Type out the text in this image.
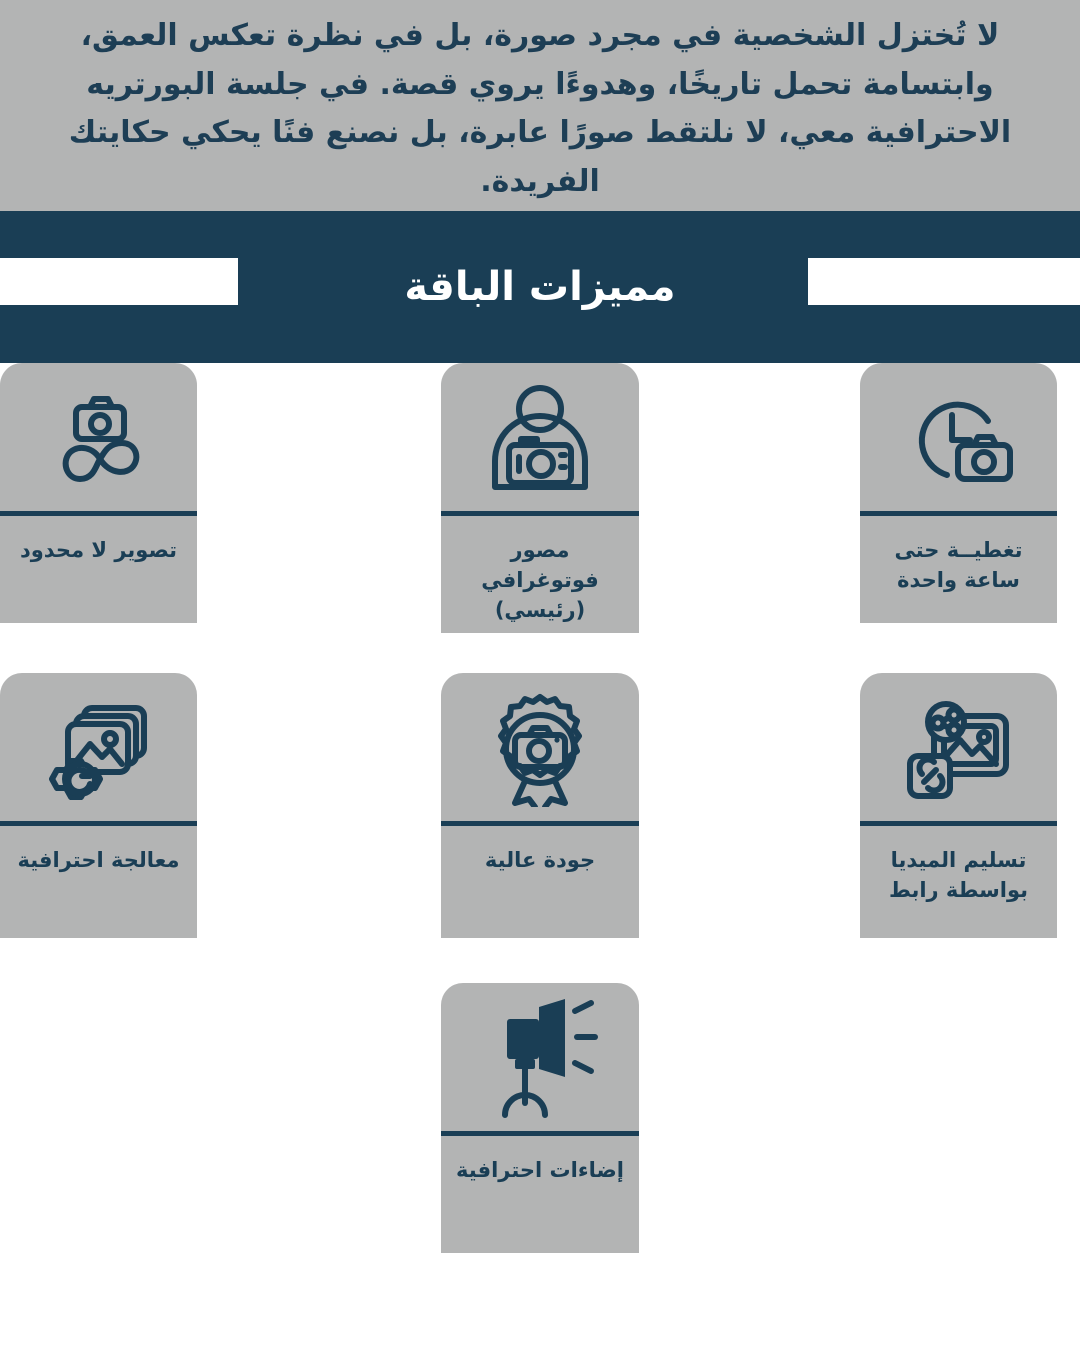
لا تُختزل الشخصية في مجرد صورة، بل في نظرة تعكس العمق، وابتسامة تحمل تاريخًا، وهدوءًا يروي قصة. في جلسة البورتريه الاحترافية معي، لا نلتقط صورًا عابرة، بل نصنع فنًا يحكي حكايتك الفريدة.
مميزات الباقة
تغطيــة حتى ساعة واحدة
مصور فوتوغرافي (رئيسي)
تصوير لا محدود
تسليم الميديا بواسطة رابط
جودة عالية
معالجة احترافية
إضاءات احترافية
